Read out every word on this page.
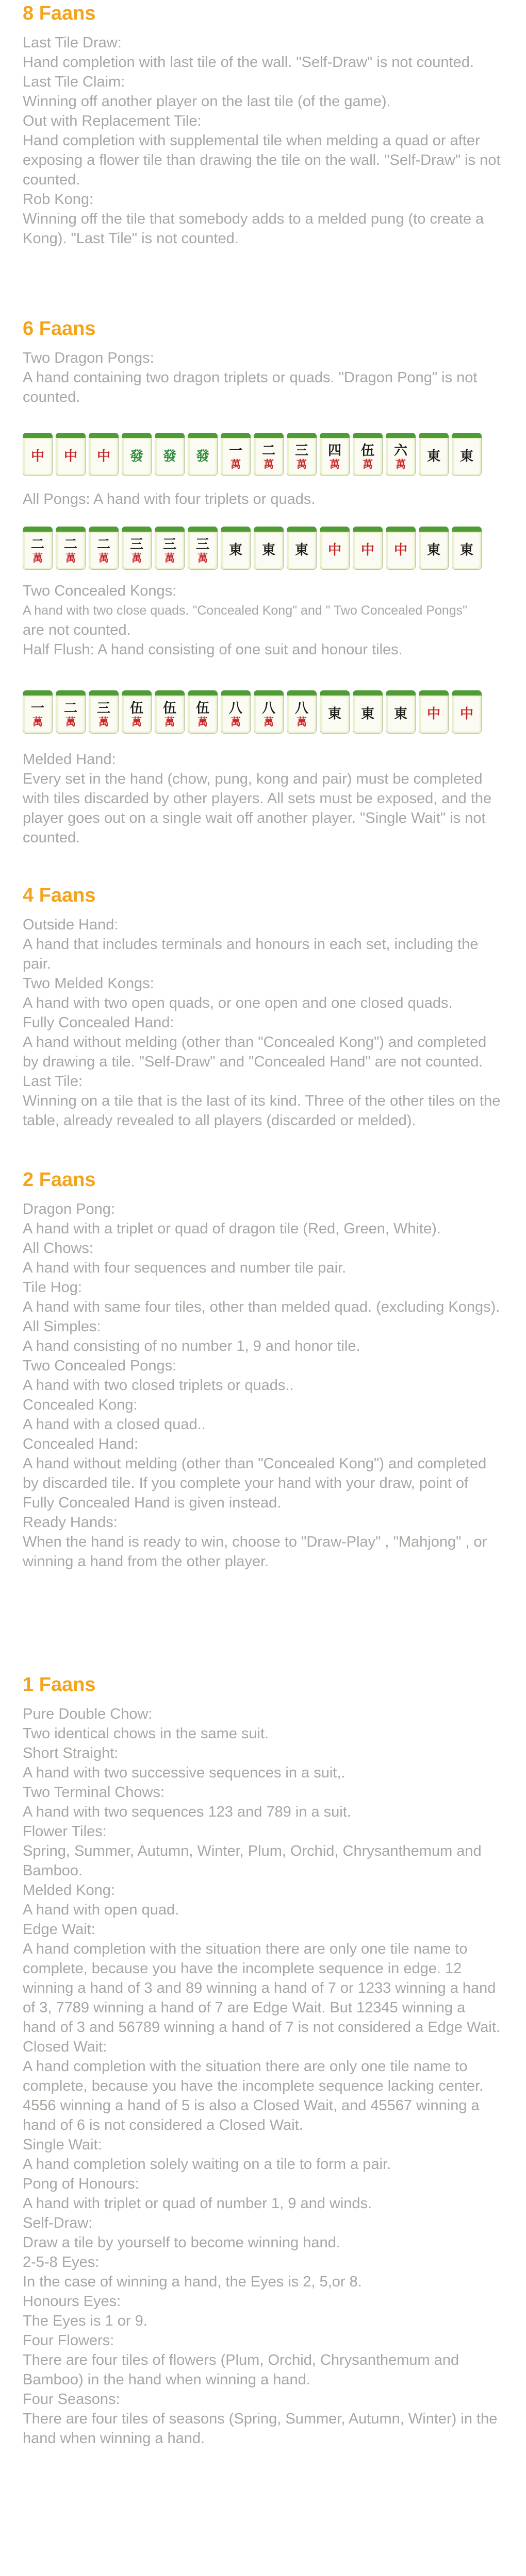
8 Faans
Last Tile Draw:
Hand completion with last tile of the wall. "Self-Draw" is not counted.
Last Tile Claim:
Winning off another player on the last tile (of the game).
Out with Replacement Tile:
Hand completion with supplemental tile when melding a quad or after exposing a flower tile than drawing the tile on the wall. "Self-Draw" is not counted.
Rob Kong:
Winning off the tile that somebody adds to a melded pung (to create a Kong). "Last Tile" is not counted.
6 Faans
Two Dragon Pongs:
A hand containing two dragon triplets or quads. "Dragon Pong" is not counted.
中 中 中 發 發 發 一
萬
二
萬
三
萬
四
萬
伍
萬
六
萬 東 東
All Pongs: A hand with four triplets or quads.
二
萬
二
萬
二
萬
三
萬
三
萬
三
萬 東 東 東 中 中 中 東 東
Two Concealed Kongs:
A hand with two close quads. "Concealed Kong" and " Two Concealed Pongs"
are not counted.
Half Flush: A hand consisting of one suit and honour tiles.
一
萬
二
萬
三
萬
伍
萬
伍
萬
伍
萬
八
萬
八
萬
八
萬 東 東 東 中 中
Melded Hand:
Every set in the hand (chow, pung, kong and pair) must be completed with tiles discarded by other players. All sets must be exposed, and the player goes out on a single wait off another player. "Single Wait" is not counted.
4 Faans
Outside Hand:
A hand that includes terminals and honours in each set, including the pair.
Two Melded Kongs:
A hand with two open quads, or one open and one closed quads.
Fully Concealed Hand:
A hand without melding (other than "Concealed Kong") and completed by drawing a tile. "Self-Draw" and "Concealed Hand" are not counted.
Last Tile:
Winning on a tile that is the last of its kind. Three of the other tiles on the table, already revealed to all players (discarded or melded).
2 Faans
Dragon Pong:
A hand with a triplet or quad of dragon tile (Red, Green, White).
All Chows:
A hand with four sequences and number tile pair.
Tile Hog:
A hand with same four tiles, other than melded quad. (excluding Kongs).
All Simples:
A hand consisting of no number 1, 9 and honor tile.
Two Concealed Pongs:
A hand with two closed triplets or quads..
Concealed Kong:
A hand with a closed quad..
Concealed Hand:
A hand without melding (other than "Concealed Kong") and completed by discarded tile. If you complete your hand with your draw, point of Fully Concealed Hand is given instead.
Ready Hands:
When the hand is ready to win, choose to "Draw-Play" , "Mahjong" , or winning a hand from the other player.
1 Faans
Pure Double Chow:
Two identical chows in the same suit.
Short Straight:
A hand with two successive sequences in a suit,.
Two Terminal Chows:
A hand with two sequences 123 and 789 in a suit.
Flower Tiles:
Spring, Summer, Autumn, Winter, Plum, Orchid, Chrysanthemum and Bamboo.
Melded Kong:
A hand with open quad.
Edge Wait:
A hand completion with the situation there are only one tile name to complete, because you have the incomplete sequence in edge. 12 winning a hand of 3 and 89 winning a hand of 7 or 1233 winning a hand of 3, 7789 winning a hand of 7 are Edge Wait. But 12345 winning a hand of 3 and 56789 winning a hand of 7 is not considered a Edge Wait.
Closed Wait:
A hand completion with the situation there are only one tile name to complete, because you have the incomplete sequence lacking center. 4556 winning a hand of 5 is also a Closed Wait, and 45567 winning a hand of 6 is not considered a Closed Wait.
Single Wait:
A hand completion solely waiting on a tile to form a pair.
Pong of Honours:
A hand with triplet or quad of number 1, 9 and winds.
Self-Draw:
Draw a tile by yourself to become winning hand.
2-5-8 Eyes:
In the case of winning a hand, the Eyes is 2, 5,or 8.
Honours Eyes:
The Eyes is 1 or 9.
Four Flowers:
There are four tiles of flowers (Plum, Orchid, Chrysanthemum and Bamboo) in the hand when winning a hand.
Four Seasons:
There are four tiles of seasons (Spring, Summer, Autumn, Winter) in the hand when winning a hand.
